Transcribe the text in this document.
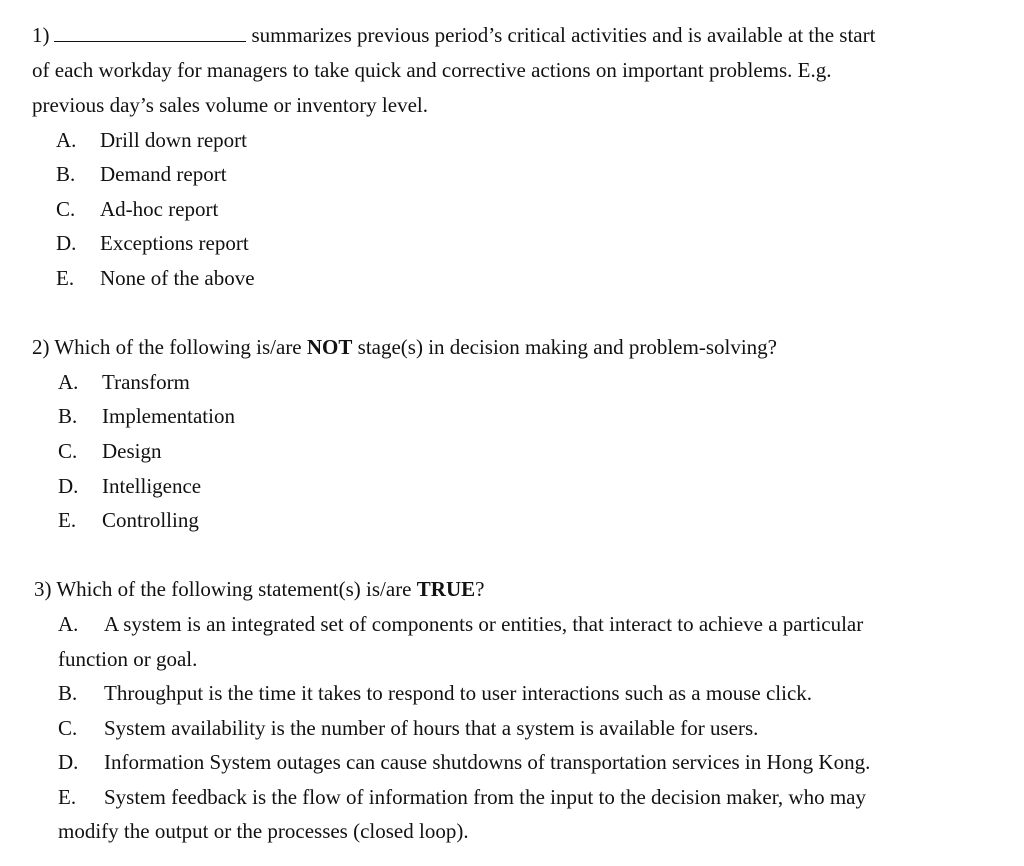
1)	summarizes previous period’s critical activities and is available at the start
of each workday for managers to take quick and corrective actions on important problems. E.g.
previous day’s sales volume or inventory level.
A. Drill down report
B. Demand report
C. Ad-hoc report
D. Exceptions report
E. None of the above
2) Which of the following is/are NOT stage(s) in decision making and problem-solving?
A. Transform
B. Implementation
C. Design
D. Intelligence
E. Controlling
3) Which of the following statement(s) is/are TRUE?
A. A system is an integrated set of components or entities, that interact to achieve a particular
function or goal.
B. Throughput is the time it takes to respond to user interactions such as a mouse click.
C. System availability is the number of hours that a system is available for users.
D. Information System outages can cause shutdowns of transportation services in Hong Kong.
E. System feedback is the flow of information from the input to the decision maker, who may
modify the output or the processes (closed loop).
